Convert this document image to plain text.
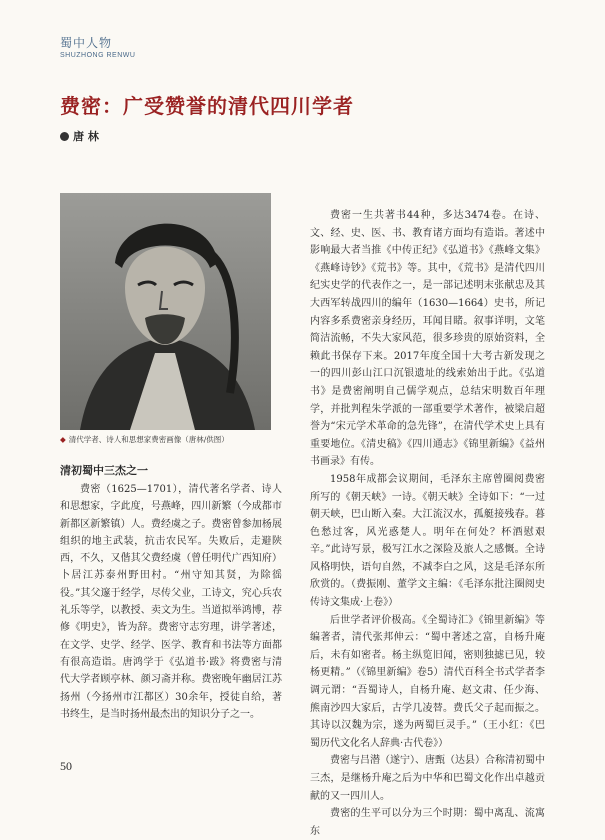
蜀中人物
SHUZHONG RENWU
费密：广受赞誉的清代四川学者
唐 林
◆ 清代学者、诗人和思想家费密画像（唐林/供图）
清初蜀中三杰之一

费密（1625—1701），清代著名学者、诗人和思想家，字此度，号燕峰，四川新繁（今成都市新都区新繁镇）人。费经虞之子。费密曾参加杨展组织的地主武装，抗击农民军。失败后，走避陕西，不久，又偕其父费经虞（曾任明代广西知府）卜居江苏泰州野田村。“州守知其贤，为除徭役。”其父邃于经学，尽传父业，工诗文，究心兵农礼乐等学，以教授、卖文为生。当道拟举鸿博，荐修《明史》，皆为辞。费密守志穷理，讲学著述，在文学、史学、经学、医学、教育和书法等方面都有很高造诣。唐鸿学于《弘道书·跋》将费密与清代大学者顾亭林、颜习斋并称。费密晚年幽居江苏扬州（今扬州市江都区）30余年，授徒自给，著书终生，是当时扬州最杰出的知识分子之一。

费密一生共著书44种，多达3474卷。在诗、文、经、史、医、书、教育诸方面均有造诣。著述中影响最大者当推《中传正纪》《弘道书》《燕峰文集》《燕峰诗钞》《荒书》等。其中，《荒书》是清代四川纪实史学的代表作之一，是一部记述明末张献忠及其大西军转战四川的编年（1630—1664）史书，所记内容多系费密亲身经历，耳闻目睹。叙事详明，文笔简洁流畅，不失大家风范，很多珍贵的原始资料，全赖此书保存下来。2017年度全国十大考古新发现之一的四川彭山江口沉银遗址的线索始出于此。《弘道书》是费密阐明自己儒学观点，总结宋明数百年理学，并批判程朱学派的一部重要学术著作，被梁启超誉为“宋元学术革命的急先锋”，在清代学术史上具有重要地位。《清史稿》《四川通志》《锦里新编》《益州书画录》有传。

1958年成都会议期间，毛泽东主席曾圈阅费密所写的《朝天峡》一诗。《朝天峡》全诗如下：“一过朝天峡，巴山断入秦。大江流汉水，孤艇接残春。暮色愁过客，风光惑楚人。明年在何处？杯酒慰艰辛。”此诗写景，极写江水之深险及旅人之感慨。全诗风格明快，语句自然，不减李白之风，这是毛泽东所欣赏的。（费振刚、董学文主编：《毛泽东批注圈阅史传诗文集成·上卷》）

后世学者评价极高。《全蜀诗汇》《锦里新编》等编著者，清代张邦伸云：“蜀中著述之富，自杨升庵后，未有如密者。杨主纵览旧闻，密则独摅已见，较杨更精。”（《锦里新编》卷5）清代百科全书式学者李调元谓：“吾蜀诗人，自杨升庵、赵文肃、任少海、熊南沙四大家后，古学几凌替。费氏父子起而振之。其诗以汉魏为宗，遂为两蜀巨灵手。”（王小红：《巴蜀历代文化名人辞典·古代卷》）

费密与吕潜（遂宁）、唐甄（达县）合称清初蜀中三杰，是继杨升庵之后为中华和巴蜀文化作出卓越贡献的又一四川人。

费密的生平可以分为三个时期：蜀中离乱、流寓东

50
